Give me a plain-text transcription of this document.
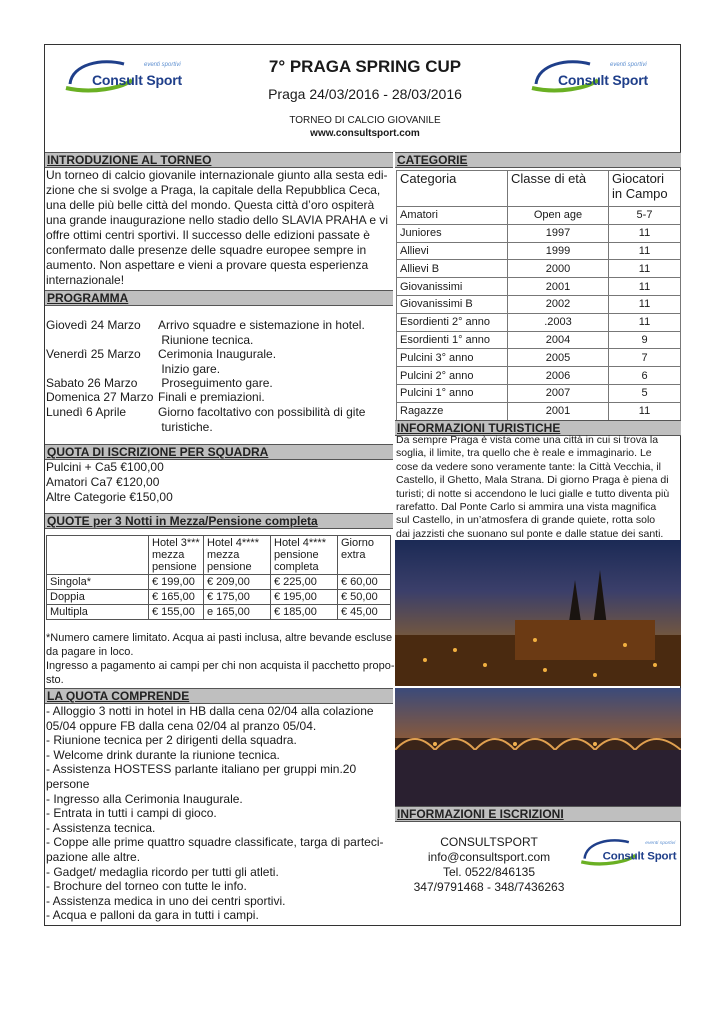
eventi sportivi
Consult Sport
eventi sportivi
Consult Sport
7° PRAGA SPRING CUP
Praga 24/03/2016 - 28/03/2016
TORNEO DI CALCIO GIOVANILE
www.consultsport.com
INTRODUZIONE AL TORNEO
Un torneo di calcio giovanile internazionale giunto alla sesta edi-
zione che si svolge a Praga, la capitale della Repubblica Ceca,
una delle più belle città del mondo. Questa città d’oro ospiterà
una grande inaugurazione nello stadio dello SLAVIA PRAHA e vi
offre ottimi centri sportivi. Il successo delle edizioni passate è
confermato dalle presenze delle squadre europee sempre in
aumento. Non aspettare e vieni a provare questa esperienza
internazionale!
PROGRAMMA
Giovedì 24 Marzo Arrivo squadre e sistemazione in hotel.
Riunione tecnica.
Venerdì 25 Marzo Cerimonia Inaugurale.
Inizio gare.
Sabato 26 Marzo Proseguimento gare.
Domenica 27 Marzo Finali e premiazioni.
Lunedì 6 Aprile	Giorno facoltativo con possibilità di gite
turistiche.
QUOTA DI ISCRIZIONE PER SQUADRA
Pulcini + Ca5 €100,00
Amatori Ca7 €120,00
Altre Categorie €150,00
QUOTE per 3 Notti in Mezza/Pensione completa
	Hotel 3*** mezza pensione	Hotel 4**** mezza pensione	Hotel 4**** pensione completa	Giorno extra
Singola*	€ 199,00	€ 209,00	€ 225,00	€ 60,00
Doppia	€ 165,00	€ 175,00	€ 195,00	€ 50,00
Multipla	€ 155,00	e 165,00	€ 185,00	€ 45,00
*Numero camere limitato. Acqua ai pasti inclusa, altre bevande escluse
da pagare in loco.
Ingresso a pagamento ai campi per chi non acquista il pacchetto propo-
sto.
LA QUOTA COMPRENDE
- Alloggio 3 notti in hotel in HB dalla cena 02/04 alla colazione
05/04 oppure FB dalla cena 02/04 al pranzo 05/04.
- Riunione tecnica per 2 dirigenti della squadra.
- Welcome drink durante la riunione tecnica.
- Assistenza HOSTESS parlante italiano per gruppi min.20
persone
- Ingresso alla Cerimonia Inaugurale.
- Entrata in tutti i campi di gioco.
- Assistenza tecnica.
- Coppe alle prime quattro squadre classificate, targa di parteci-
pazione alle altre.
- Gadget/ medaglia ricordo per tutti gli atleti.
- Brochure del torneo con tutte le info.
- Assistenza medica in uno dei centri sportivi.
- Acqua e palloni da gara in tutti i campi.
CATEGORIE
Categoria	Classe di età	Giocatori in Campo
Amatori	Open age	5-7
Juniores	1997	11
Allievi	1999	11
Allievi B	2000	11
Giovanissimi	2001	11
Giovanissimi B	2002	11
Esordienti 2° anno	.2003	11
Esordienti 1° anno	2004	9
Pulcini 3° anno	2005	7
Pulcini 2° anno	2006	6
Pulcini 1° anno	2007	5
Ragazze	2001	11
INFORMAZIONI TURISTICHE
Da sempre Praga è vista come una città in cui si trova la
soglia, il limite, tra quello che è reale e immaginario. Le
cose da vedere sono veramente tante: la Città Vecchia, il
Castello, il Ghetto, Mala Strana. Di giorno Praga è piena di
turisti; di notte si accendono le luci gialle e tutto diventa più
rarefatto. Dal Ponte Carlo si ammira una vista magnifica
sul Castello, in un’atmosfera di grande quiete, rotta solo
dai jazzisti che suonano sul ponte e dalle statue dei santi.
INFORMAZIONI E ISCRIZIONI
CONSULTSPORT
info@consultsport.com
Tel. 0522/846135
347/9791468 - 348/7436263
eventi sportivi
Consult Sport
